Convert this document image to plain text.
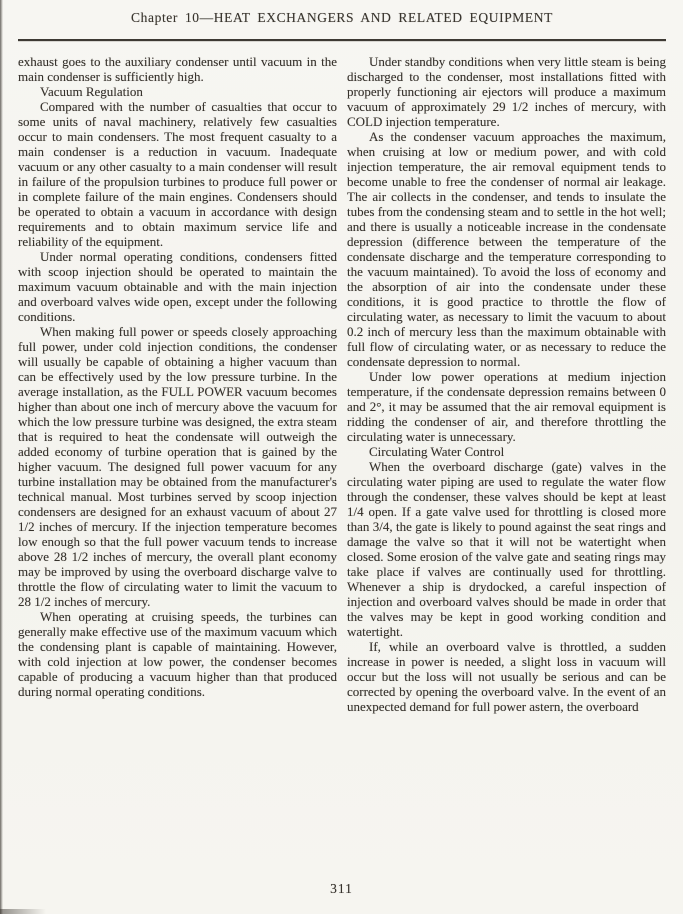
Chapter 10—HEAT EXCHANGERS AND RELATED EQUIPMENT

exhaust goes to the auxiliary condenser until vacuum in the main condenser is sufficiently high.

Vacuum Regulation

Compared with the number of casualties that occur to some units of naval machinery, relatively few casualties occur to main condensers. The most frequent casualty to a main condenser is a reduction in vacuum. Inadequate vacuum or any other casualty to a main condenser will result in failure of the propulsion turbines to produce full power or in complete failure of the main engines. Condensers should be operated to obtain a vacuum in accordance with design requirements and to obtain maximum service life and reliability of the equipment.

Under normal operating conditions, condensers fitted with scoop injection should be operated to maintain the maximum vacuum obtainable and with the main injection and overboard valves wide open, except under the following conditions.

When making full power or speeds closely approaching full power, under cold injection conditions, the condenser will usually be capable of obtaining a higher vacuum than can be effectively used by the low pressure turbine. In the average installation, as the FULL POWER vacuum becomes higher than about one inch of mercury above the vacuum for which the low pressure turbine was designed, the extra steam that is required to heat the condensate will outweigh the added economy of turbine operation that is gained by the higher vacuum. The designed full power vacuum for any turbine installation may be obtained from the manufacturer's technical manual. Most turbines served by scoop injection condensers are designed for an exhaust vacuum of about 27 1/2 inches of mercury. If the injection temperature becomes low enough so that the full power vacuum tends to increase above 28 1/2 inches of mercury, the overall plant economy may be improved by using the overboard discharge valve to throttle the flow of circulating water to limit the vacuum to 28 1/2 inches of mercury.

When operating at cruising speeds, the turbines can generally make effective use of the maximum vacuum which the condensing plant is capable of maintaining. However, with cold injection at low power, the condenser becomes capable of producing a vacuum higher than that produced during normal operating conditions.

Under standby conditions when very little steam is being discharged to the condenser, most installations fitted with properly functioning air ejectors will produce a maximum vacuum of approximately 29 1/2 inches of mercury, with COLD injection temperature.

As the condenser vacuum approaches the maximum, when cruising at low or medium power, and with cold injection temperature, the air removal equipment tends to become unable to free the condenser of normal air leakage. The air collects in the condenser, and tends to insulate the tubes from the condensing steam and to settle in the hot well; and there is usually a noticeable increase in the condensate depression (difference between the temperature of the condensate discharge and the temperature corresponding to the vacuum maintained). To avoid the loss of economy and the absorption of air into the condensate under these conditions, it is good practice to throttle the flow of circulating water, as necessary to limit the vacuum to about 0.2 inch of mercury less than the maximum obtainable with full flow of circulating water, or as necessary to reduce the condensate depression to normal.

Under low power operations at medium injection temperature, if the condensate depression remains between 0 and 2°, it may be assumed that the air removal equipment is ridding the condenser of air, and therefore throttling the circulating water is unnecessary.

Circulating Water Control

When the overboard discharge (gate) valves in the circulating water piping are used to regulate the water flow through the condenser, these valves should be kept at least 1/4 open. If a gate valve used for throttling is closed more than 3/4, the gate is likely to pound against the seat rings and damage the valve so that it will not be watertight when closed. Some erosion of the valve gate and seating rings may take place if valves are continually used for throttling. Whenever a ship is drydocked, a careful inspection of injection and overboard valves should be made in order that the valves may be kept in good working condition and watertight.

If, while an overboard valve is throttled, a sudden increase in power is needed, a slight loss in vacuum will occur but the loss will not usually be serious and can be corrected by opening the overboard valve. In the event of an unexpected demand for full power astern, the overboard

311
